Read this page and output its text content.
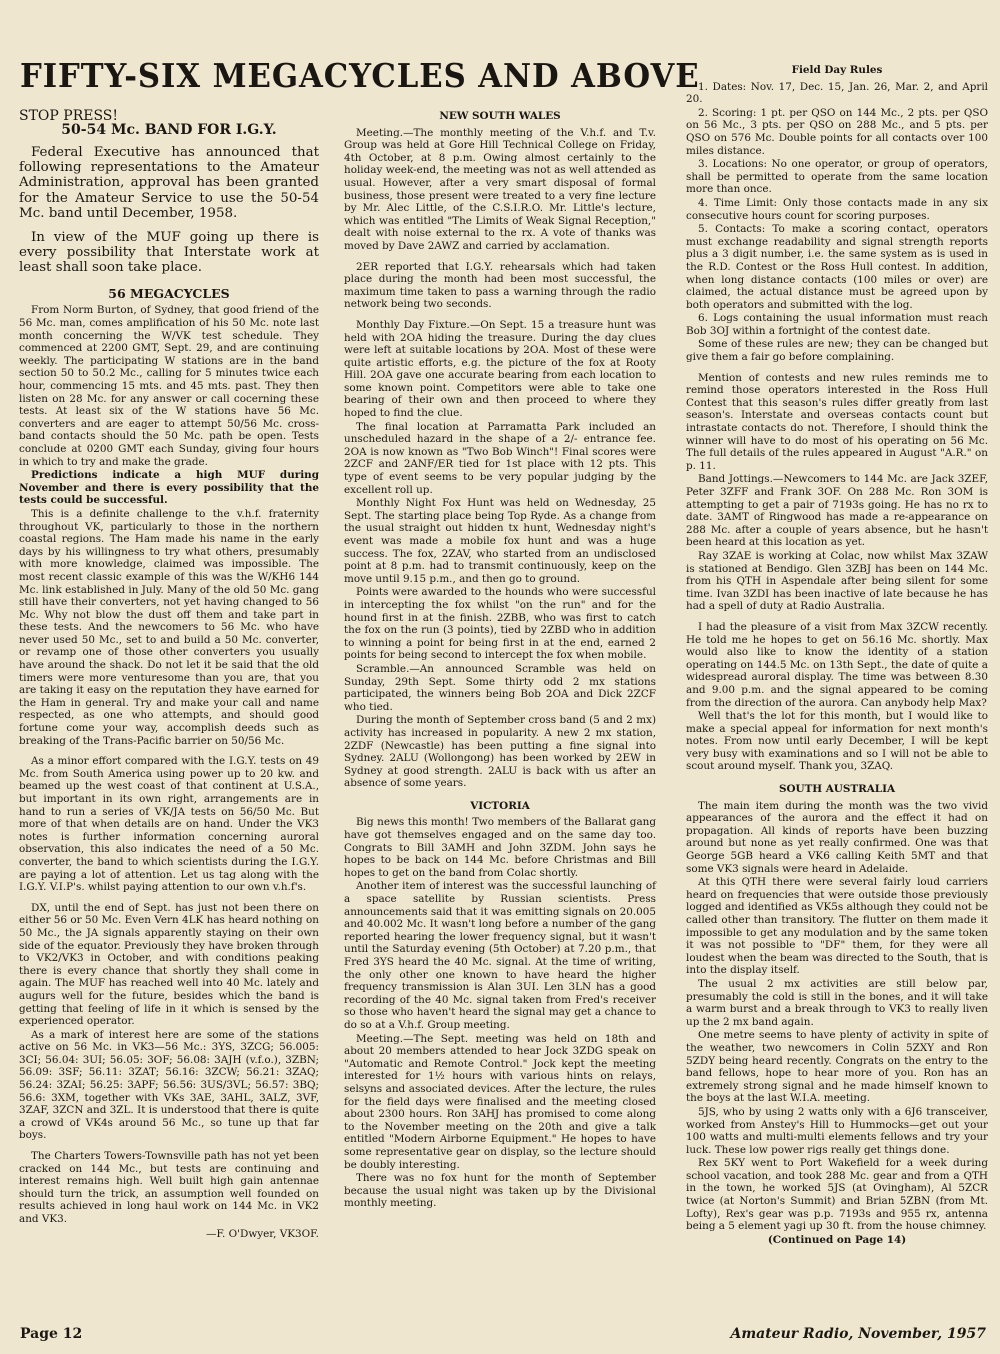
FIFTY-SIX MEGACYCLES AND ABOVE

STOP PRESS!

50-54 Mc. BAND FOR I.G.Y.

Federal Executive has announced that following representations to the Amateur Administration, approval has been granted for the Amateur Service to use the 50-54 Mc. band until December, 1958.

In view of the MUF going up there is every possibility that Interstate work at least shall soon take place.

56 MEGACYCLES

From Norm Burton, of Sydney, that good friend of the 56 Mc. man, comes amplification of his 50 Mc. note last month concerning the W/VK test schedule. They commenced at 2200 GMT, Sept. 29, and are continuing weekly. The participating W stations are in the band section 50 to 50.2 Mc., calling for 5 minutes twice each hour, commencing 15 mts. and 45 mts. past. They then listen on 28 Mc. for any answer or call cocerning these tests. At least six of the W stations have 56 Mc. converters and are eager to attempt 50/56 Mc. cross-band contacts should the 50 Mc. path be open. Tests conclude at 0200 GMT each Sunday, giving four hours in which to try and make the grade.

Predictions indicate a high MUF during November and there is every possibility that the tests could be successful.

This is a definite challenge to the v.h.f. fraternity throughout VK, particularly to those in the northern coastal regions. The Ham made his name in the early days by his willingness to try what others, presumably with more knowledge, claimed was impossible. The most recent classic example of this was the W/KH6 144 Mc. link established in July. Many of the old 50 Mc. gang still have their converters, not yet having changed to 56 Mc. Why not blow the dust off them and take part in these tests. And the newcomers to 56 Mc. who have never used 50 Mc., set to and build a 50 Mc. converter, or revamp one of those other converters you usually have around the shack. Do not let it be said that the old timers were more venturesome than you are, that you are taking it easy on the reputation they have earned for the Ham in general. Try and make your call and name respected, as one who attempts, and should good fortune come your way, accomplish deeds such as breaking of the Trans-Pacific barrier on 50/56 Mc.

As a minor effort compared with the I.G.Y. tests on 49 Mc. from South America using power up to 20 kw. and beamed up the west coast of that continent at U.S.A., but important in its own right, arrangements are in hand to run a series of VK/JA tests on 56/50 Mc. But more of that when details are on hand. Under the VK3 notes is further information concerning auroral observation, this also indicates the need of a 50 Mc. converter, the band to which scientists during the I.G.Y. are paying a lot of attention. Let us tag along with the I.G.Y. V.I.P's. whilst paying attention to our own v.h.f's.

DX, until the end of Sept. has just not been there on either 56 or 50 Mc. Even Vern 4LK has heard nothing on 50 Mc., the JA signals apparently staying on their own side of the equator. Previously they have broken through to VK2/VK3 in October, and with conditions peaking there is every chance that shortly they shall come in again. The MUF has reached well into 40 Mc. lately and augurs well for the future, besides which the band is getting that feeling of life in it which is sensed by the experienced operator.

As a mark of interest here are some of the stations active on 56 Mc. in VK3—56 Mc.: 3YS, 3ZCG; 56.005: 3CI; 56.04: 3UI; 56.05: 3OF; 56.08: 3AJH (v.f.o.), 3ZBN; 56.09: 3SF; 56.11: 3ZAT; 56.16: 3ZCW; 56.21: 3ZAQ; 56.24: 3ZAI; 56.25: 3APF; 56.56: 3US/3VL; 56.57: 3BQ; 56.6: 3XM, together with VKs 3AE, 3AHL, 3ALZ, 3VF, 3ZAF, 3ZCN and 3ZL. It is understood that there is quite a crowd of VK4s around 56 Mc., so tune up that far boys.

The Charters Towers-Townsville path has not yet been cracked on 144 Mc., but tests are continuing and interest remains high. Well built high gain antennae should turn the trick, an assumption well founded on results achieved in long haul work on 144 Mc. in VK2 and VK3.

—F. O'Dwyer, VK3OF.
NEW SOUTH WALES

Meeting.—The monthly meeting of the V.h.f. and T.v. Group was held at Gore Hill Technical College on Friday, 4th October, at 8 p.m. Owing almost certainly to the holiday week-end, the meeting was not as well attended as usual. However, after a very smart disposal of formal business, those present were treated to a very fine lecture by Mr. Alec Little, of the C.S.I.R.O. Mr. Little's lecture, which was entitled "The Limits of Weak Signal Reception," dealt with noise external to the rx. A vote of thanks was moved by Dave 2AWZ and carried by acclamation.

2ER reported that I.G.Y. rehearsals which had taken place during the month had been most successful, the maximum time taken to pass a warning through the radio network being two seconds.

Monthly Day Fixture.—On Sept. 15 a treasure hunt was held with 2OA hiding the treasure. During the day clues were left at suitable locations by 2OA. Most of these were quite artistic efforts, e.g. the picture of the fox at Rooty Hill. 2OA gave one accurate bearing from each location to some known point. Competitors were able to take one bearing of their own and then proceed to where they hoped to find the clue.

The final location at Parramatta Park included an unscheduled hazard in the shape of a 2/- entrance fee. 2OA is now known as "Two Bob Winch"! Final scores were 2ZCF and 2ANF/ER tied for 1st place with 12 pts. This type of event seems to be very popular judging by the excellent roll up.

Monthly Night Fox Hunt was held on Wednesday, 25 Sept. The starting place being Top Ryde. As a change from the usual straight out hidden tx hunt, Wednesday night's event was made a mobile fox hunt and was a huge success. The fox, 2ZAV, who started from an undisclosed point at 8 p.m. had to transmit continuously, keep on the move until 9.15 p.m., and then go to ground.

Points were awarded to the hounds who were successful in intercepting the fox whilst "on the run" and for the hound first in at the finish. 2ZBB, who was first to catch the fox on the run (3 points), tied by 2ZBD who in addition to winning a point for being first in at the end, earned 2 points for being second to intercept the fox when mobile.

Scramble.—An announced Scramble was held on Sunday, 29th Sept. Some thirty odd 2 mx stations participated, the winners being Bob 2OA and Dick 2ZCF who tied.

During the month of September cross band (5 and 2 mx) activity has increased in popularity. A new 2 mx station, 2ZDF (Newcastle) has been putting a fine signal into Sydney. 2ALU (Wollongong) has been worked by 2EW in Sydney at good strength. 2ALU is back with us after an absence of some years.

VICTORIA

Big news this month! Two members of the Ballarat gang have got themselves engaged and on the same day too. Congrats to Bill 3AMH and John 3ZDM. John says he hopes to be back on 144 Mc. before Christmas and Bill hopes to get on the band from Colac shortly.

Another item of interest was the successful launching of a space satellite by Russian scientists. Press announcements said that it was emitting signals on 20.005 and 40.002 Mc. It wasn't long before a number of the gang reported hearing the lower frequency signal, but it wasn't until the Saturday evening (5th October) at 7.20 p.m., that Fred 3YS heard the 40 Mc. signal. At the time of writing, the only other one known to have heard the higher frequency transmission is Alan 3UI. Len 3LN has a good recording of the 40 Mc. signal taken from Fred's receiver so those who haven't heard the signal may get a chance to do so at a V.h.f. Group meeting.

Meeting.—The Sept. meeting was held on 18th and about 20 members attended to hear Jock 3ZDG speak on "Automatic and Remote Control." Jock kept the meeting interested for 1½ hours with various hints on relays, selsyns and associated devices. After the lecture, the rules for the field days were finalised and the meeting closed about 2300 hours. Ron 3AHJ has promised to come along to the November meeting on the 20th and give a talk entitled "Modern Airborne Equipment." He hopes to have some representative gear on display, so the lecture should be doubly interesting.

There was no fox hunt for the month of September because the usual night was taken up by the Divisional monthly meeting.

Field Day Rules

1. Dates: Nov. 17, Dec. 15, Jan. 26, Mar. 2, and April 20.

2. Scoring: 1 pt. per QSO on 144 Mc., 2 pts. per QSO on 56 Mc., 3 pts. per QSO on 288 Mc., and 5 pts. per QSO on 576 Mc. Double points for all contacts over 100 miles distance.

3. Locations: No one operator, or group of operators, shall be permitted to operate from the same location more than once.

4. Time Limit: Only those contacts made in any six consecutive hours count for scoring purposes.

5. Contacts: To make a scoring contact, operators must exchange readability and signal strength reports plus a 3 digit number, i.e. the same system as is used in the R.D. Contest or the Ross Hull contest. In addition, when long distance contacts (100 miles or over) are claimed, the actual distance must be agreed upon by both operators and submitted with the log.

6. Logs containing the usual information must reach Bob 3OJ within a fortnight of the contest date.

Some of these rules are new; they can be changed but give them a fair go before complaining.

Mention of contests and new rules reminds me to remind those operators interested in the Ross Hull Contest that this season's rules differ greatly from last season's. Interstate and overseas contacts count but intrastate contacts do not. Therefore, I should think the winner will have to do most of his operating on 56 Mc. The full details of the rules appeared in August "A.R." on p. 11.

Band Jottings.—Newcomers to 144 Mc. are Jack 3ZEF, Peter 3ZFF and Frank 3OF. On 288 Mc. Ron 3OM is attempting to get a pair of 7193s going. He has no rx to date. 3AMT of Ringwood has made a re-appearance on 288 Mc. after a couple of years absence, but he hasn't been heard at this location as yet.

Ray 3ZAE is working at Colac, now whilst Max 3ZAW is stationed at Bendigo. Glen 3ZBJ has been on 144 Mc. from his QTH in Aspendale after being silent for some time. Ivan 3ZDI has been inactive of late because he has had a spell of duty at Radio Australia.

I had the pleasure of a visit from Max 3ZCW recently. He told me he hopes to get on 56.16 Mc. shortly. Max would also like to know the identity of a station operating on 144.5 Mc. on 13th Sept., the date of quite a widespread auroral display. The time was between 8.30 and 9.00 p.m. and the signal appeared to be coming from the direction of the aurora. Can anybody help Max?

Well that's the lot for this month, but I would like to make a special appeal for information for next month's notes. From now until early December, I will be kept very busy with examinations and so I will not be able to scout around myself. Thank you, 3ZAQ.

SOUTH AUSTRALIA

The main item during the month was the two vivid appearances of the aurora and the effect it had on propagation. All kinds of reports have been buzzing around but none as yet really confirmed. One was that George 5GB heard a VK6 calling Keith 5MT and that some VK3 signals were heard in Adelaide.

At this QTH there were several fairly loud carriers heard on frequencies that were outside those previously logged and identified as VK5s although they could not be called other than transitory. The flutter on them made it impossible to get any modulation and by the same token it was not possible to "DF" them, for they were all loudest when the beam was directed to the South, that is into the display itself.

The usual 2 mx activities are still below par, presumably the cold is still in the bones, and it will take a warm burst and a break through to VK3 to really liven up the 2 mx band again.

One metre seems to have plenty of activity in spite of the weather, two newcomers in Colin 5ZXY and Ron 5ZDY being heard recently. Congrats on the entry to the band fellows, hope to hear more of you. Ron has an extremely strong signal and he made himself known to the boys at the last W.I.A. meeting.

5JS, who by using 2 watts only with a 6J6 transceiver, worked from Anstey's Hill to Hummocks—get out your 100 watts and multi-multi elements fellows and try your luck. These low power rigs really get things done.

Rex 5KY went to Port Wakefield for a week during school vacation, and took 288 Mc. gear and from a QTH in the town, he worked 5JS (at Ovingham), Al 5ZCR twice (at Norton's Summit) and Brian 5ZBN (from Mt. Lofty), Rex's gear was p.p. 7193s and 955 rx, antenna being a 5 element yagi up 30 ft. from the house chimney.

(Continued on Page 14)

Page 12	Amateur Radio, November, 1957
